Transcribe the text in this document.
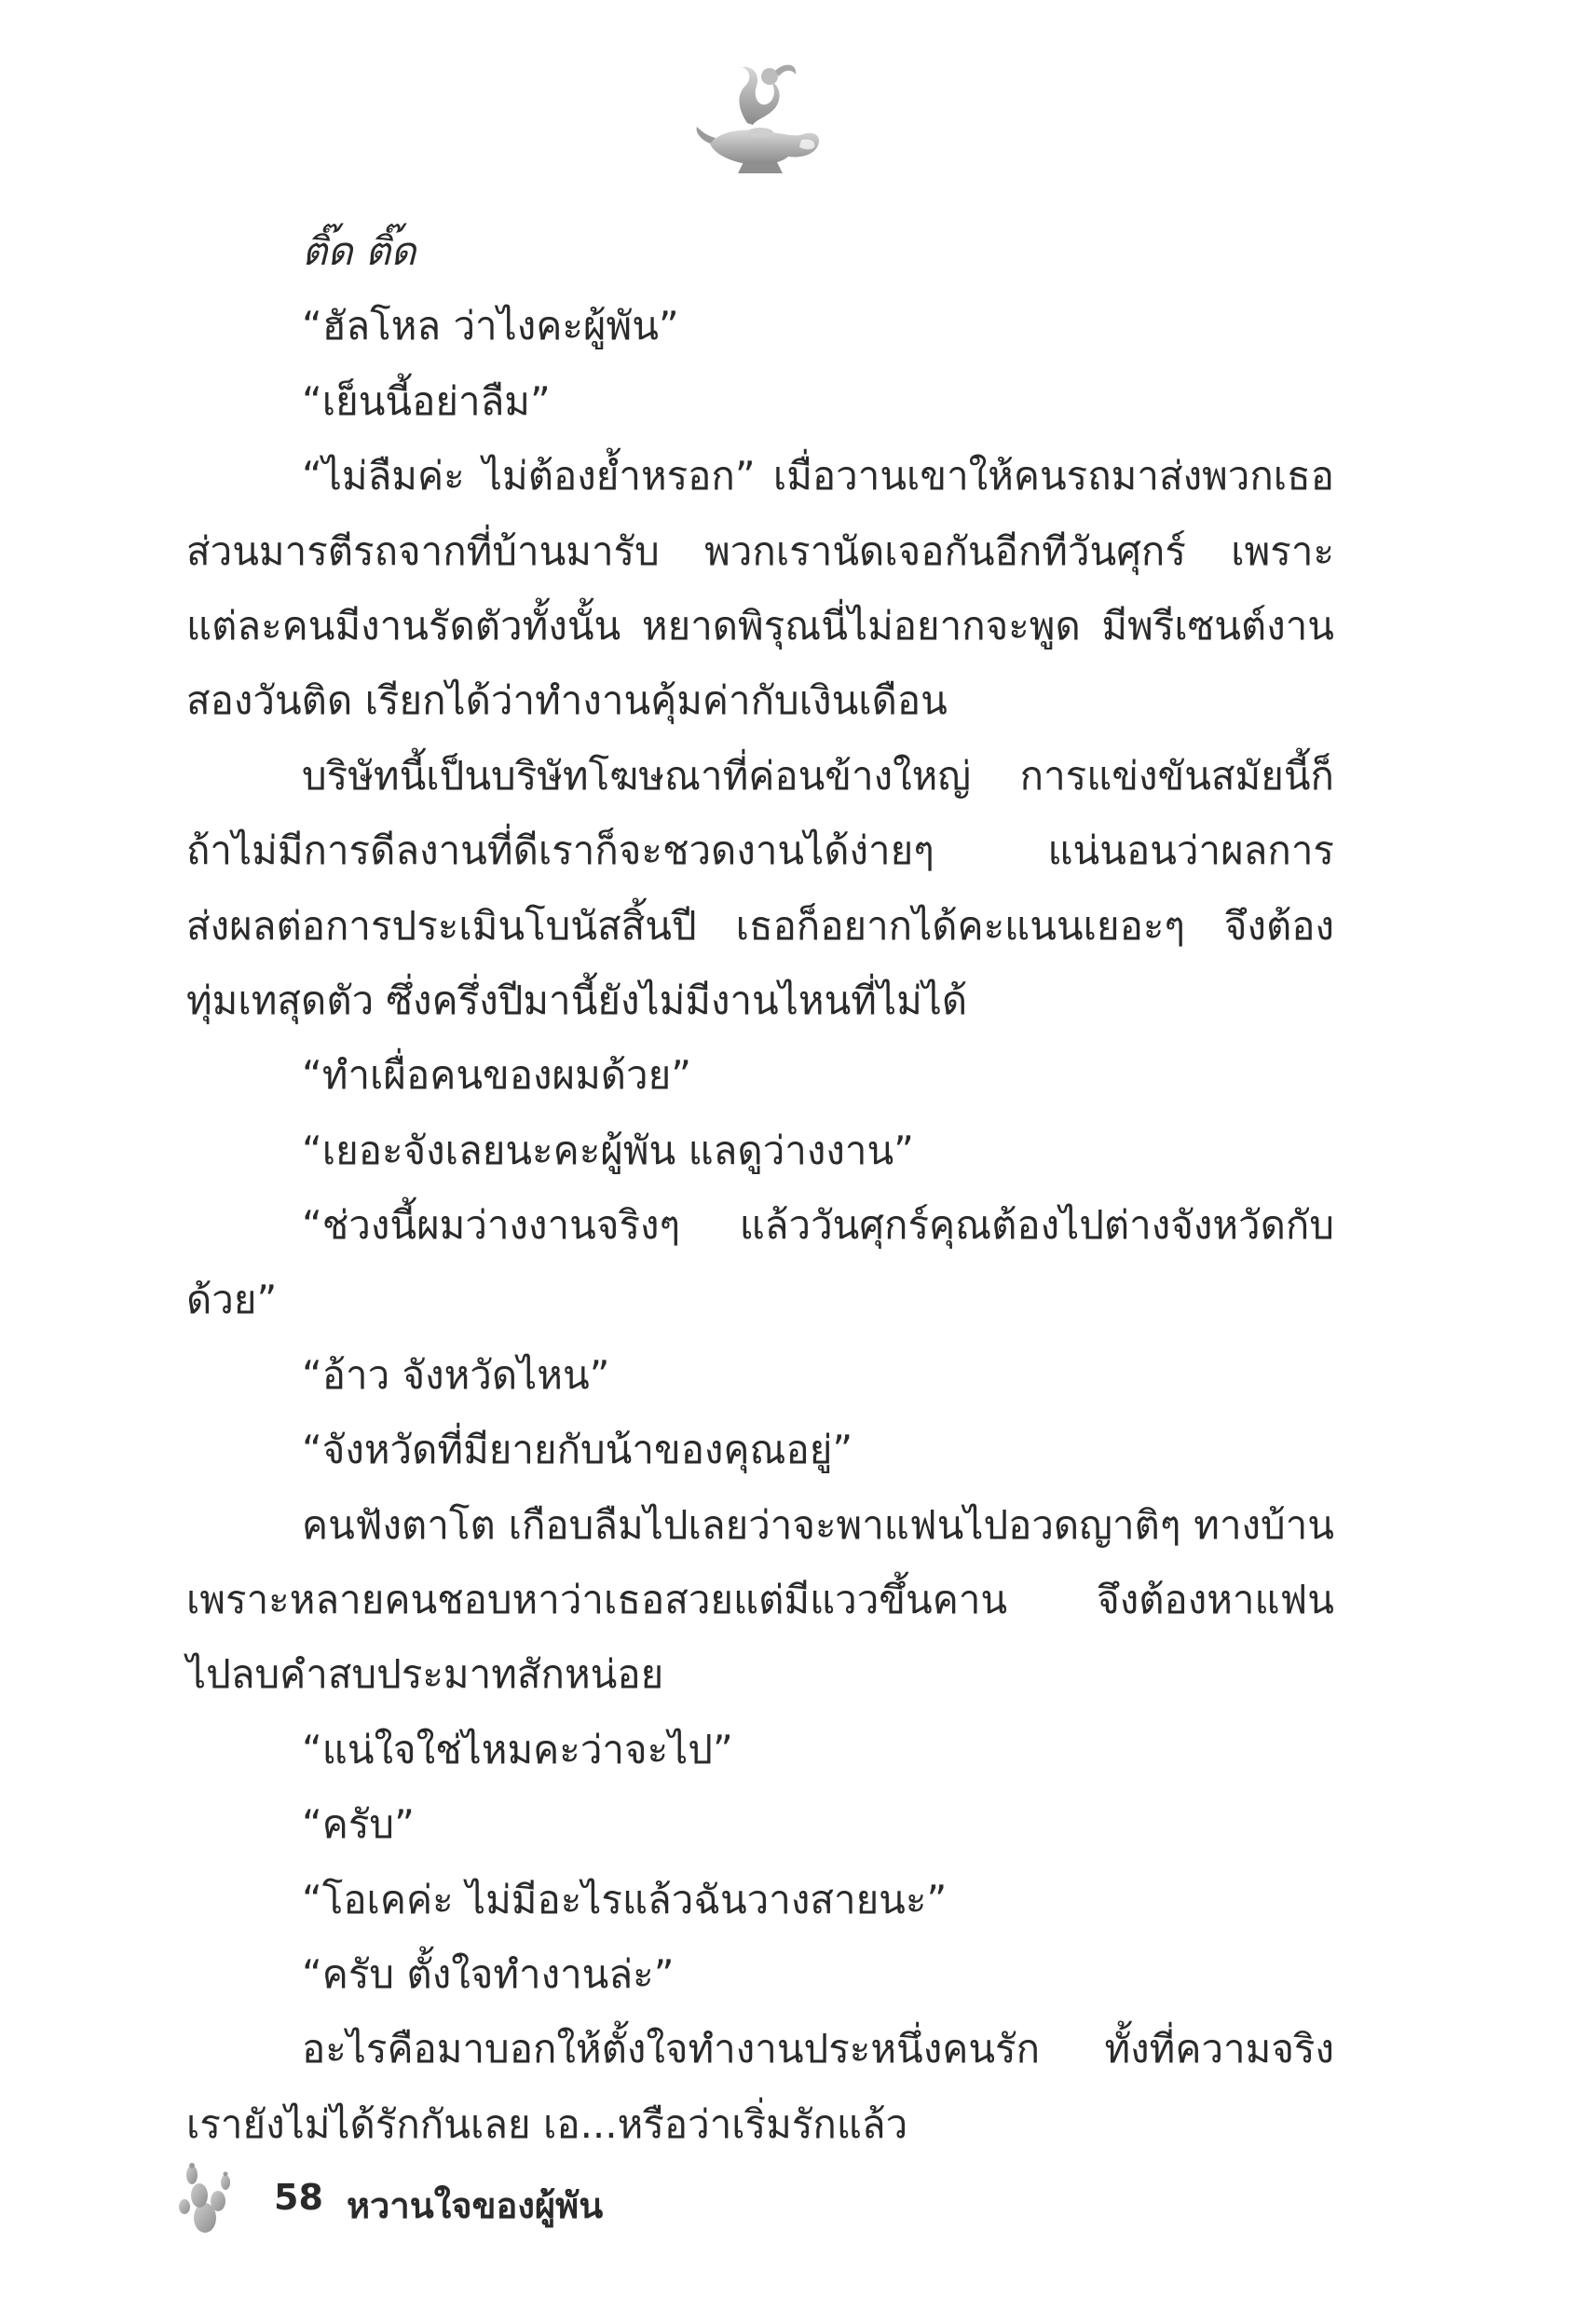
ติ๊ด ติ๊ด
“ฮัลโหล ว่าไงคะผู้พัน”
“เย็นนี้อย่าลืม”
“ไม่ลืมค่ะ ไม่ต้องย้ำหรอก” เมื่อวานเขาให้คนรถมาส่งพวกเธอ
ส่วนมารตีรถจากที่บ้านมารับ พวกเรานัดเจอกันอีกทีวันศุกร์ เพราะ
แต่ละคนมีงานรัดตัวทั้งนั้น หยาดพิรุณนี่ไม่อยากจะพูด มีพรีเซนต์งาน
สองวันติด เรียกได้ว่าทำงานคุ้มค่ากับเงินเดือน
บริษัทนี้เป็นบริษัทโฆษณาที่ค่อนข้างใหญ่ การแข่งขันสมัยนี้ก็
ถ้าไม่มีการดีลงานที่ดีเราก็จะชวดงานได้ง่ายๆ แน่นอนว่าผลการ
ส่งผลต่อการประเมินโบนัสสิ้นปี เธอก็อยากได้คะแนนเยอะๆ จึงต้อง
ทุ่มเทสุดตัว ซึ่งครึ่งปีมานี้ยังไม่มีงานไหนที่ไม่ได้
“ทำเผื่อคนของผมด้วย”
“เยอะจังเลยนะคะผู้พัน แลดูว่างงาน”
“ช่วงนี้ผมว่างงานจริงๆ แล้ววันศุกร์คุณต้องไปต่างจังหวัดกับ
ด้วย”
“อ้าว จังหวัดไหน”
“จังหวัดที่มียายกับน้าของคุณอยู่”
คนฟังตาโต เกือบลืมไปเลยว่าจะพาแฟนไปอวดญาติๆ ทางบ้าน
เพราะหลายคนชอบหาว่าเธอสวยแต่มีแววขึ้นคาน จึงต้องหาแฟน
ไปลบคำสบประมาทสักหน่อย
“แน่ใจใช่ไหมคะว่าจะไป”
“ครับ”
“โอเคค่ะ ไม่มีอะไรแล้วฉันวางสายนะ”
“ครับ ตั้งใจทำงานล่ะ”
อะไรคือมาบอกให้ตั้งใจทำงานประหนึ่งคนรัก ทั้งที่ความจริง
เรายังไม่ได้รักกันเลย เอ...หรือว่าเริ่มรักแล้ว
58 หวานใจของผู้พัน
